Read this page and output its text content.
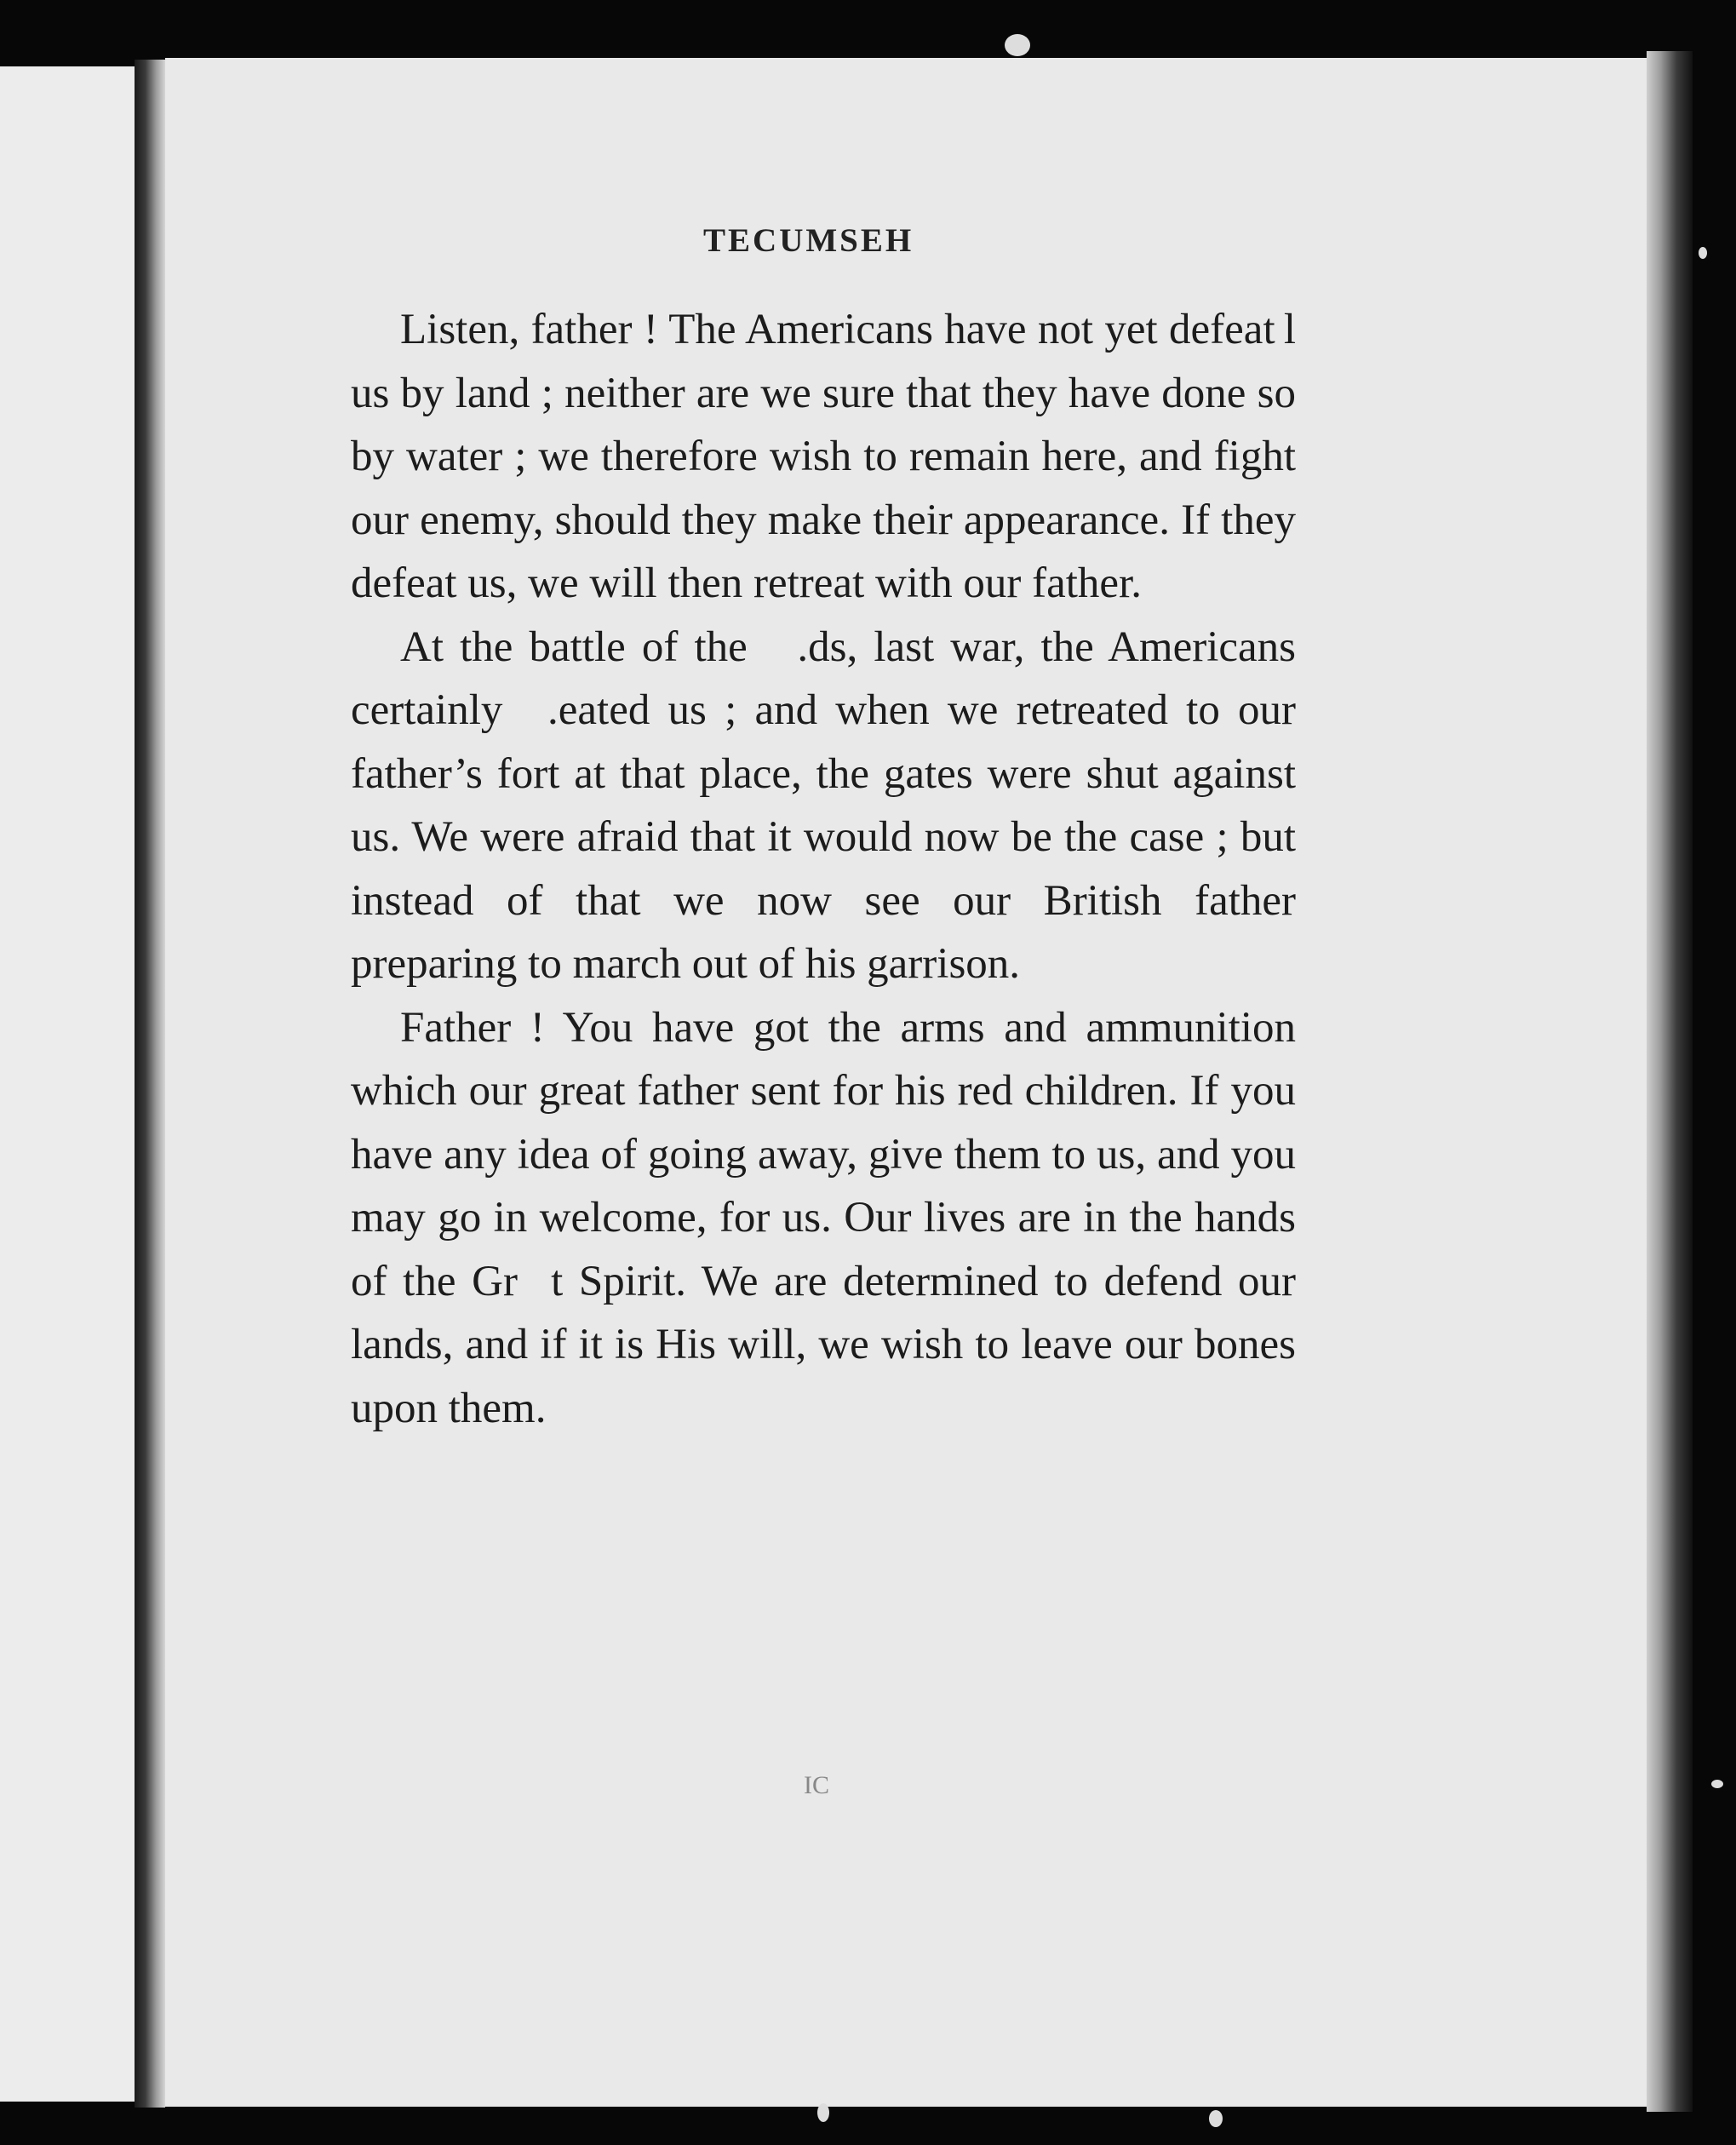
TECUMSEH

Listen, father ! The Americans have not yet defeat l us by land ; neither are we sure that they have done so by water ; we therefore wish to remain here, and fight our enemy, should they make their appearance. If they defeat us, we will then retreat with our father.

At the battle of the    .ds, last war, the Americans certainly   .eated us ; and when we retreated to our father’s fort at that place, the gates were shut against us. We were afraid that it would now be the case ; but instead of that we now see our British father preparing to march out of his garrison.

Father ! You have got the arms and ammunition which our great father sent for his red children. If you have any idea of going away, give them to us, and you may go in welcome, for us. Our lives are in the hands of the Gr   t Spirit. We are determined to defend our lands, and if it is His will, we wish to leave our bones upon them.

IC
